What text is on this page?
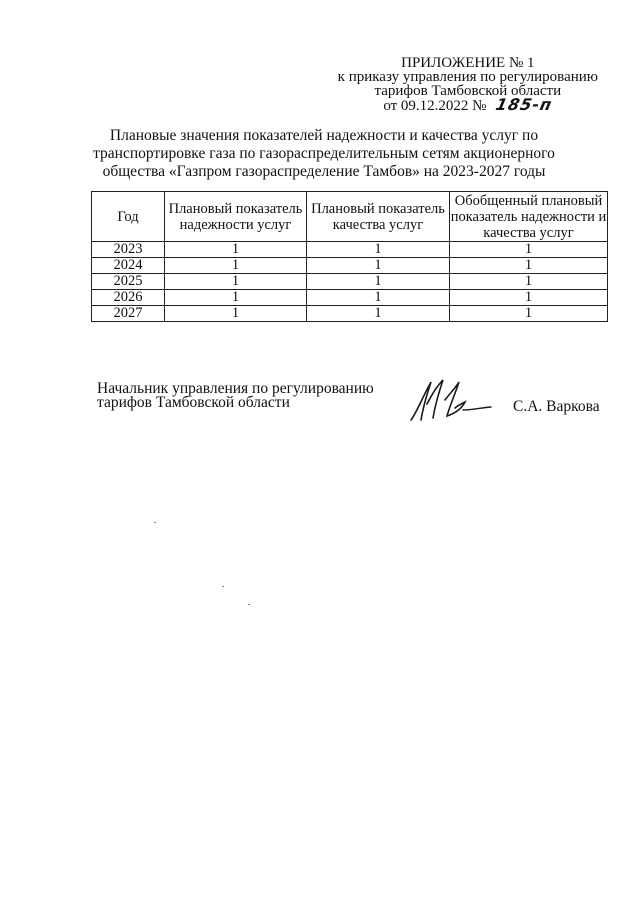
ПРИЛОЖЕНИЕ № 1
к приказу управления по регулированию
тарифов Тамбовской области
от 09.12.2022 № 185-п
Плановые значения показателей надежности и качества услуг по
транспортировке газа по газораспределительным сетям акционерного
общества «Газпром газораспределение Тамбов» на 2023-2027 годы
Год	Плановый показатель надежности услуг	Плановый показатель качества услуг	Обобщенный плановый показатель надежности и качества услуг
2023	1	1	1
2024	1	1	1
2025	1	1	1
2026	1	1	1
2027	1	1	1
Начальник управления по регулированию
тарифов Тамбовской области	С.А. Варкова
